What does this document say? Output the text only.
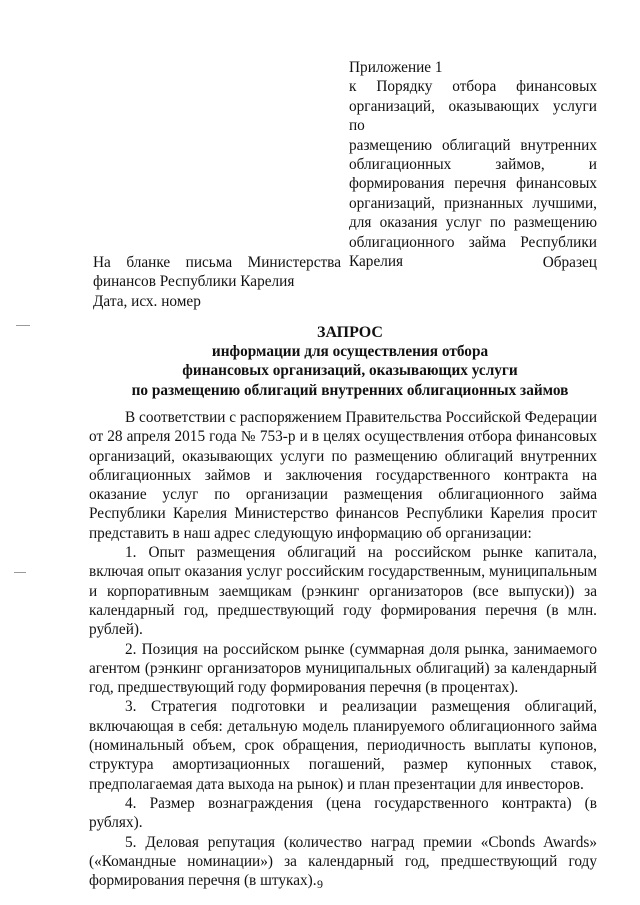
Приложение 1
к Порядку отбора финансовых
организаций, оказывающих услуги по
размещению облигаций внутренних
облигационных займов, и
формирования перечня финансовых
организаций, признанных лучшими,
для оказания услуг по размещению
облигационного займа Республики
Карелия
На бланке письма Министерства
финансов Республики Карелия
Дата, исх. номер
Образец
ЗАПРОС
информации для осуществления отбора
финансовых организаций, оказывающих услуги
по размещению облигаций внутренних облигационных займов

В соответствии с распоряжением Правительства Российской Федерации от 28 апреля 2015 года № 753-р и в целях осуществления отбора финансовых организаций, оказывающих услуги по размещению облигаций внутренних облигационных займов и заключения государственного контракта на оказание услуг по организации размещения облигационного займа Республики Карелия Министерство финансов Республики Карелия просит представить в наш адрес следующую информацию об организации:

1. Опыт размещения облигаций на российском рынке капитала, включая опыт оказания услуг российским государственным, муниципальным и корпоративным заемщикам (рэнкинг организаторов (все выпуски)) за календарный год, предшествующий году формирования перечня (в млн. рублей).

2. Позиция на российском рынке (суммарная доля рынка, занимаемого агентом (рэнкинг организаторов муниципальных облигаций) за календарный год, предшествующий году формирования перечня (в процентах).

3. Стратегия подготовки и реализации размещения облигаций, включающая в себя: детальную модель планируемого облигационного займа (номинальный объем, срок обращения, периодичность выплаты купонов, структура амортизационных погашений, размер купонных ставок, предполагаемая дата выхода на рынок) и план презентации для инвесторов.

4. Размер вознаграждения (цена государственного контракта) (в рублях).

5. Деловая репутация (количество наград премии «Cbonds Awards» («Командные номинации») за календарный год, предшествующий году формирования перечня (в штуках). 9
